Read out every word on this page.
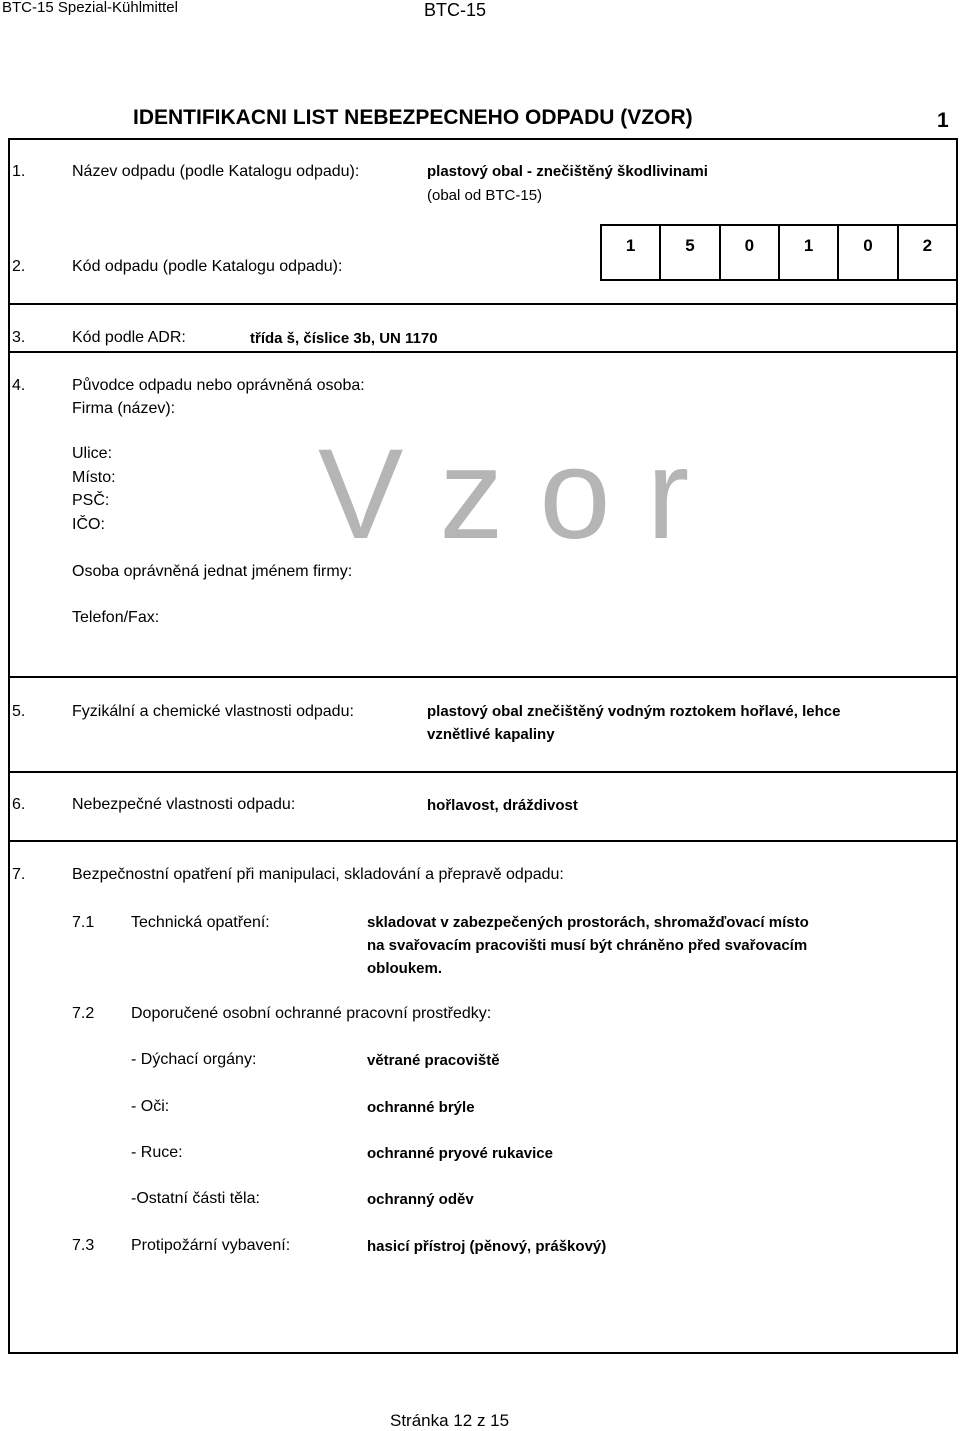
BTC-15 Spezial-Kühlmittel	BTC-15
IDENTIFIKACNI LIST NEBEZPECNEHO ODPADU (VZOR)	1
1.	Název odpadu (podle Katalogu odpadu):	plastový obal - znečištěný škodlivinami
(obal od BTC-15)
2.	Kód odpadu (podle Katalogu odpadu):
1	5	0	1	0	2
3.	Kód podle ADR:	třída š, číslice 3b, UN 1170
4.	Původce odpadu nebo oprávněná osoba:
Firma (název):
Ulice:
Místo:
PSČ:
IČO:
Osoba oprávněná jednat jménem firmy:
Telefon/Fax:
Vzor
5.	Fyzikální a chemické vlastnosti odpadu:	plastový obal znečištěný vodným roztokem hořlavé, lehce
vznětlivé kapaliny
6.	Nebezpečné vlastnosti odpadu:	hořlavost, dráždivost
7.	Bezpečnostní opatření při manipulaci, skladování a přepravě odpadu:
7.1 Technická opatření:	skladovat v zabezpečených prostorách, shromažďovací místo
na svařovacím pracovišti musí být chráněno před svařovacím
obloukem.
7.2 Doporučené osobní ochranné pracovní prostředky:
- Dýchací orgány:	větrané pracoviště
- Oči:	ochranné brýle
- Ruce:	ochranné pryové rukavice
-Ostatní části těla:	ochranný oděv
7.3 Protipožární vybavení:	hasicí přístroj (pěnový, práškový)
Stránka 12 z 15
